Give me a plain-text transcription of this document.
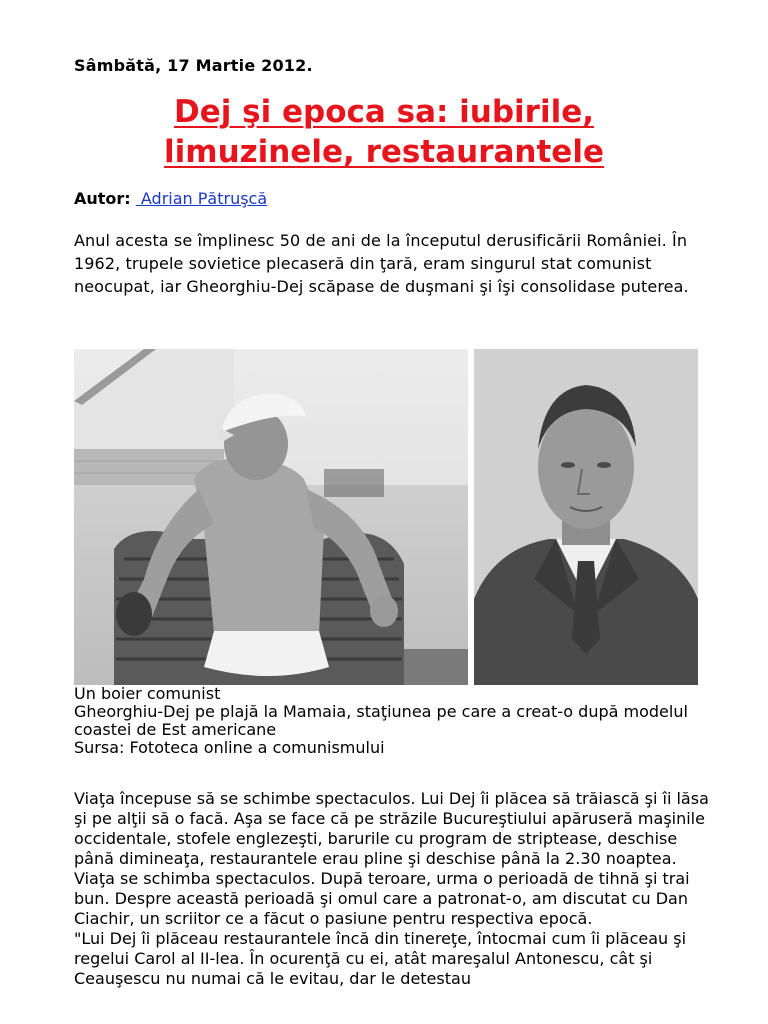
Sâmbătă, 17 Martie 2012.
Dej şi epoca sa: iubirile,
limuzinele, restaurantele
Autor: Adrian Pătruşcă
Anul acesta se împlinesc 50 de ani de la începutul derusificării României. În 1962, trupele sovietice plecaseră din ţară, eram singurul stat comunist neocupat, iar Gheorghiu-Dej scăpase de duşmani şi îşi consolidase puterea.
Un boier comunist
Gheorghiu-Dej pe plajă la Mamaia, staţiunea pe care a creat-o după modelul coastei de Est americane
Sursa: Fototeca online a comunismului

Viaţa începuse să se schimbe spectaculos. Lui Dej îi plăcea să trăiască şi îi lăsa şi pe alţii să o facă. Aşa se face că pe străzile Bucureştiului apăruseră maşinile occidentale, stofele englezeşti, barurile cu program de striptease, deschise până dimineaţa, restaurantele erau pline şi deschise până la 2.30 noaptea. Viaţa se schimba spectaculos. După teroare, urma o perioadă de tihnă şi trai bun. Despre această perioadă şi omul care a patronat-o, am discutat cu Dan Ciachir, un scriitor ce a făcut o pasiune pentru respectiva epocă.

"Lui Dej îi plăceau restaurantele încă din tinereţe, întocmai cum îi plăceau şi regelui Carol al II-lea. În ocurenţă cu ei, atât mareşalul Antonescu, cât şi Ceauşescu nu numai că le evitau, dar le detestau
